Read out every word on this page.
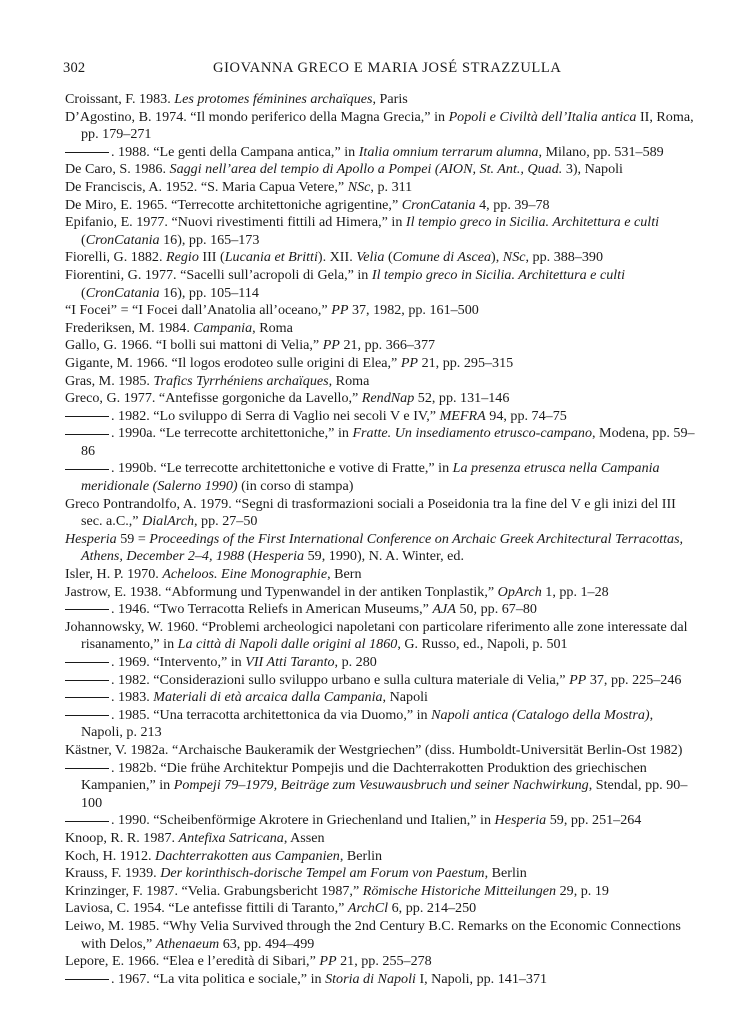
302	GIOVANNA GRECO E MARIA JOSÉ STRAZZULLA
Croissant, F. 1983. Les protomes féminines archaïques, Paris
D’Agostino, B. 1974. “Il mondo periferico della Magna Grecia,” in Popoli e Civiltà dell’Italia antica II, Roma, pp. 179–271
. 1988. “Le genti della Campana antica,” in Italia omnium terrarum alumna, Milano, pp. 531–589
De Caro, S. 1986. Saggi nell’area del tempio di Apollo a Pompei (AION, St. Ant., Quad. 3), Napoli
De Franciscis, A. 1952. “S. Maria Capua Vetere,” NSc, p. 311
De Miro, E. 1965. “Terrecotte architettoniche agrigentine,” CronCatania 4, pp. 39–78
Epifanio, E. 1977. “Nuovi rivestimenti fittili ad Himera,” in Il tempio greco in Sicilia. Architettura e culti (CronCatania 16), pp. 165–173
Fiorelli, G. 1882. Regio III (Lucania et Britti). XII. Velia (Comune di Ascea), NSc, pp. 388–390
Fiorentini, G. 1977. “Sacelli sull’acropoli di Gela,” in Il tempio greco in Sicilia. Architettura e culti (CronCatania 16), pp. 105–114
“I Focei” = “I Focei dall’Anatolia all’oceano,” PP 37, 1982, pp. 161–500
Frederiksen, M. 1984. Campania, Roma
Gallo, G. 1966. “I bolli sui mattoni di Velia,” PP 21, pp. 366–377
Gigante, M. 1966. “Il logos erodoteo sulle origini di Elea,” PP 21, pp. 295–315
Gras, M. 1985. Trafics Tyrrhéniens archaïques, Roma
Greco, G. 1977. “Antefisse gorgoniche da Lavello,” RendNap 52, pp. 131–146
. 1982. “Lo sviluppo di Serra di Vaglio nei secoli V e IV,” MEFRA 94, pp. 74–75
. 1990a. “Le terrecotte architettoniche,” in Fratte. Un insediamento etrusco-campano, Modena, pp. 59–86
. 1990b. “Le terrecotte architettoniche e votive di Fratte,” in La presenza etrusca nella Campania meridionale (Salerno 1990) (in corso di stampa)
Greco Pontrandolfo, A. 1979. “Segni di trasformazioni sociali a Poseidonia tra la fine del V e gli inizi del III sec. a.C.,” DialArch, pp. 27–50
Hesperia 59 = Proceedings of the First International Conference on Archaic Greek Architectural Terracottas, Athens, December 2–4, 1988 (Hesperia 59, 1990), N. A. Winter, ed.
Isler, H. P. 1970. Acheloos. Eine Monographie, Bern
Jastrow, E. 1938. “Abformung und Typenwandel in der antiken Tonplastik,” OpArch 1, pp. 1–28
. 1946. “Two Terracotta Reliefs in American Museums,” AJA 50, pp. 67–80
Johannowsky, W. 1960. “Problemi archeologici napoletani con particolare riferimento alle zone interessate dal risanamento,” in La città di Napoli dalle origini al 1860, G. Russo, ed., Napoli, p. 501
. 1969. “Intervento,” in VII Atti Taranto, p. 280
. 1982. “Considerazioni sullo sviluppo urbano e sulla cultura materiale di Velia,” PP 37, pp. 225–246
. 1983. Materiali di età arcaica dalla Campania, Napoli
. 1985. “Una terracotta architettonica da via Duomo,” in Napoli antica (Catalogo della Mostra), Napoli, p. 213
Kästner, V. 1982a. “Archaische Baukeramik der Westgriechen” (diss. Humboldt-Universität Berlin-Ost 1982)
. 1982b. “Die frühe Architektur Pompejis und die Dachterrakotten Produktion des griechischen Kampanien,” in Pompeji 79–1979, Beiträge zum Vesuwausbruch und seiner Nachwirkung, Stendal, pp. 90–100
. 1990. “Scheibenförmige Akrotere in Griechenland und Italien,” in Hesperia 59, pp. 251–264
Knoop, R. R. 1987. Antefixa Satricana, Assen
Koch, H. 1912. Dachterrakotten aus Campanien, Berlin
Krauss, F. 1939. Der korinthisch-dorische Tempel am Forum von Paestum, Berlin
Krinzinger, F. 1987. “Velia. Grabungsbericht 1987,” Römische Historiche Mitteilungen 29, p. 19
Laviosa, C. 1954. “Le antefisse fittili di Taranto,” ArchCl 6, pp. 214–250
Leiwo, M. 1985. “Why Velia Survived through the 2nd Century B.C. Remarks on the Economic Connections with Delos,” Athenaeum 63, pp. 494–499
Lepore, E. 1966. “Elea e l’eredità di Sibari,” PP 21, pp. 255–278
. 1967. “La vita politica e sociale,” in Storia di Napoli I, Napoli, pp. 141–371
